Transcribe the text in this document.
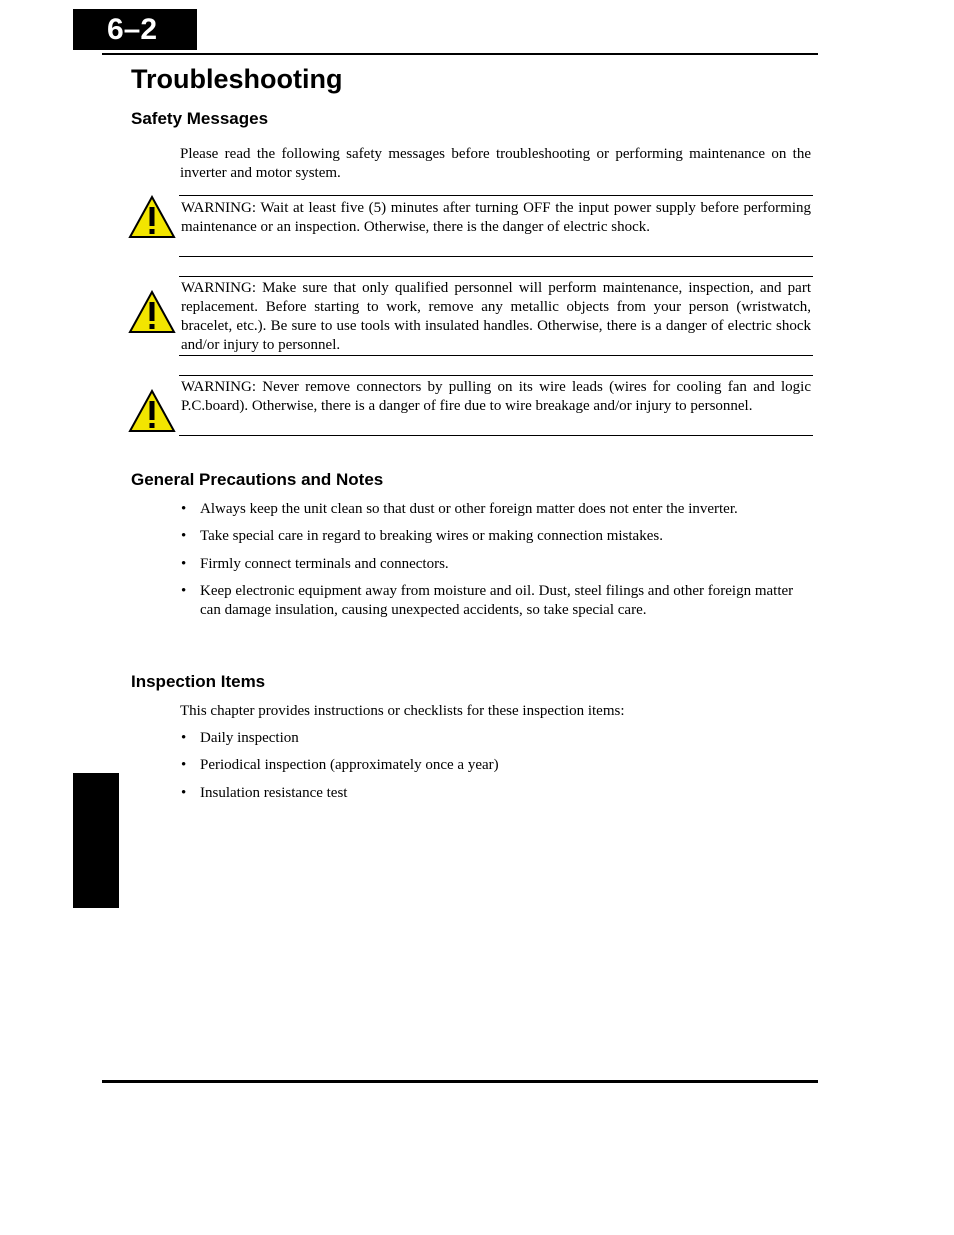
6–2
Troubleshooting
Safety Messages

Please read the following safety messages before troubleshooting or performing maintenance on the inverter and motor system.

WARNING: Wait at least five (5) minutes after turning OFF the input power supply before performing maintenance or an inspection. Otherwise, there is the danger of electric shock.

WARNING: Make sure that only qualified personnel will perform maintenance, inspection, and part replacement. Before starting to work, remove any metallic objects from your person (wristwatch, bracelet, etc.). Be sure to use tools with insulated handles. Otherwise, there is a danger of electric shock and/or injury to personnel.

WARNING: Never remove connectors by pulling on its wire leads (wires for cooling fan and logic P.C.board). Otherwise, there is a danger of fire due to wire breakage and/or injury to personnel.

General Precautions and Notes
• Always keep the unit clean so that dust or other foreign matter does not enter the inverter.
• Take special care in regard to breaking wires or making connection mistakes.
• Firmly connect terminals and connectors.
• Keep electronic equipment away from moisture and oil. Dust, steel filings and other foreign matter can damage insulation, causing unexpected accidents, so take special care.
Inspection Items

This chapter provides instructions or checklists for these inspection items:

• Daily inspection
• Periodical inspection (approximately once a year)
• Insulation resistance test
